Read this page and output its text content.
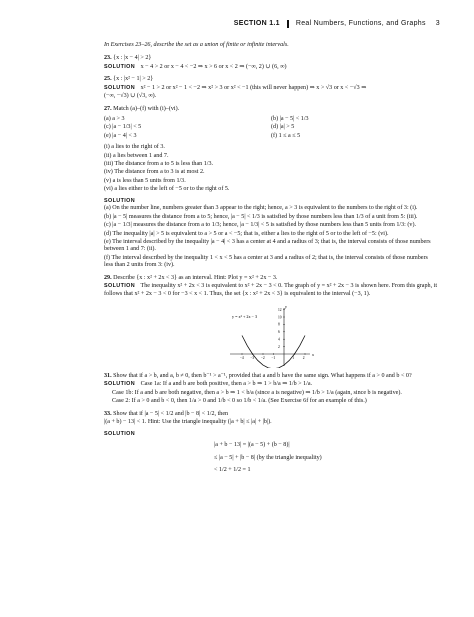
SECTION 1.1 Real Numbers, Functions, and Graphs 3
In Exercises 23–26, describe the set as a union of finite or infinite intervals.
23. {x : |x − 4| > 2}
SOLUTION x − 4 > 2 or x − 4 < −2 ⇒ x > 6 or x < 2 ⇒ (−∞, 2) ∪ (6, ∞)
25. {x : |x² − 1| > 2}
SOLUTION x² − 1 > 2 or x² − 1 < −2 ⇒ x² > 3 or x² < −1 (this will never happen) ⇒ x > √3 or x < −√3 ⇒
(−∞, −√3) ∪ (√3, ∞).
27. Match (a)–(f) with (i)–(vi).
(a) a > 3	(b) |a − 5| < 1/3
(c) |a − 1/3| < 5	(d) |a| > 5
(e) |a − 4| < 3	(f) 1 ≤ a ≤ 5
(i) a lies to the right of 3.
(ii) a lies between 1 and 7.
(iii) The distance from a to 5 is less than 1/3.
(iv) The distance from a to 3 is at most 2.
(v) a is less than 5 units from 1/3.
(vi) a lies either to the left of −5 or to the right of 5.
SOLUTION
(a) On the number line, numbers greater than 3 appear to the right; hence, a > 3 is equivalent to the numbers to the right of 3: (i).
(b) |a − 5| measures the distance from a to 5; hence, |a − 5| < 1/3 is satisfied by those numbers less than 1/3 of a unit from 5: (iii).
(c) |a − 1/3| measures the distance from a to 1/3; hence, |a − 1/3| < 5 is satisfied by those numbers less than 5 units from 1/3: (v).
(d) The inequality |a| > 5 is equivalent to a > 5 or a < −5; that is, either a lies to the right of 5 or to the left of −5: (vi).
(e) The interval described by the inequality |a − 4| < 3 has a center at 4 and a radius of 3; that is, the interval consists of those numbers between 1 and 7: (ii).
(f) The interval described by the inequality 1 < x < 5 has a center at 3 and a radius of 2; that is, the interval consists of those numbers less than 2 units from 3: (iv).
29. Describe {x : x² + 2x < 3} as an interval. Hint: Plot y = x² + 2x − 3.
SOLUTION The inequality x² + 2x < 3 is equivalent to x² + 2x − 3 < 0. The graph of y = x² + 2x − 3 is shown here. From this graph, it follows that x² + 2x − 3 < 0 for −3 < x < 1. Thus, the set {x : x² + 2x < 3} is equivalent to the interval (−3, 1).
x
y
y = x² + 2x − 3
12
10
8
6
4
2
−4 −3 −2 −1	1 2
31. Show that if a > b, and a, b ≠ 0, then b⁻¹ > a⁻¹, provided that a and b have the same sign. What happens if a > 0 and b < 0?
SOLUTION Case 1a: If a and b are both positive, then a > b ⇒ 1 > b/a ⇒ 1/b > 1/a.
Case 1b: If a and b are both negative, then a > b ⇒ 1 < b/a (since a is negative) ⇒ 1/b > 1/a (again, since b is negative).
Case 2: If a > 0 and b < 0, then 1/a > 0 and 1/b < 0 so 1/b < 1/a. (See Exercise 6f for an example of this.)
33. Show that if |a − 5| < 1/2 and |b − 8| < 1/2, then
|(a + b) − 13| < 1. Hint: Use the triangle inequality (|a + b| ≤ |a| + |b|).
SOLUTION
|a + b − 13| = |(a − 5) + (b − 8)|
≤ |a − 5| + |b − 8| (by the triangle inequality)
< 1/2 + 1/2 = 1
